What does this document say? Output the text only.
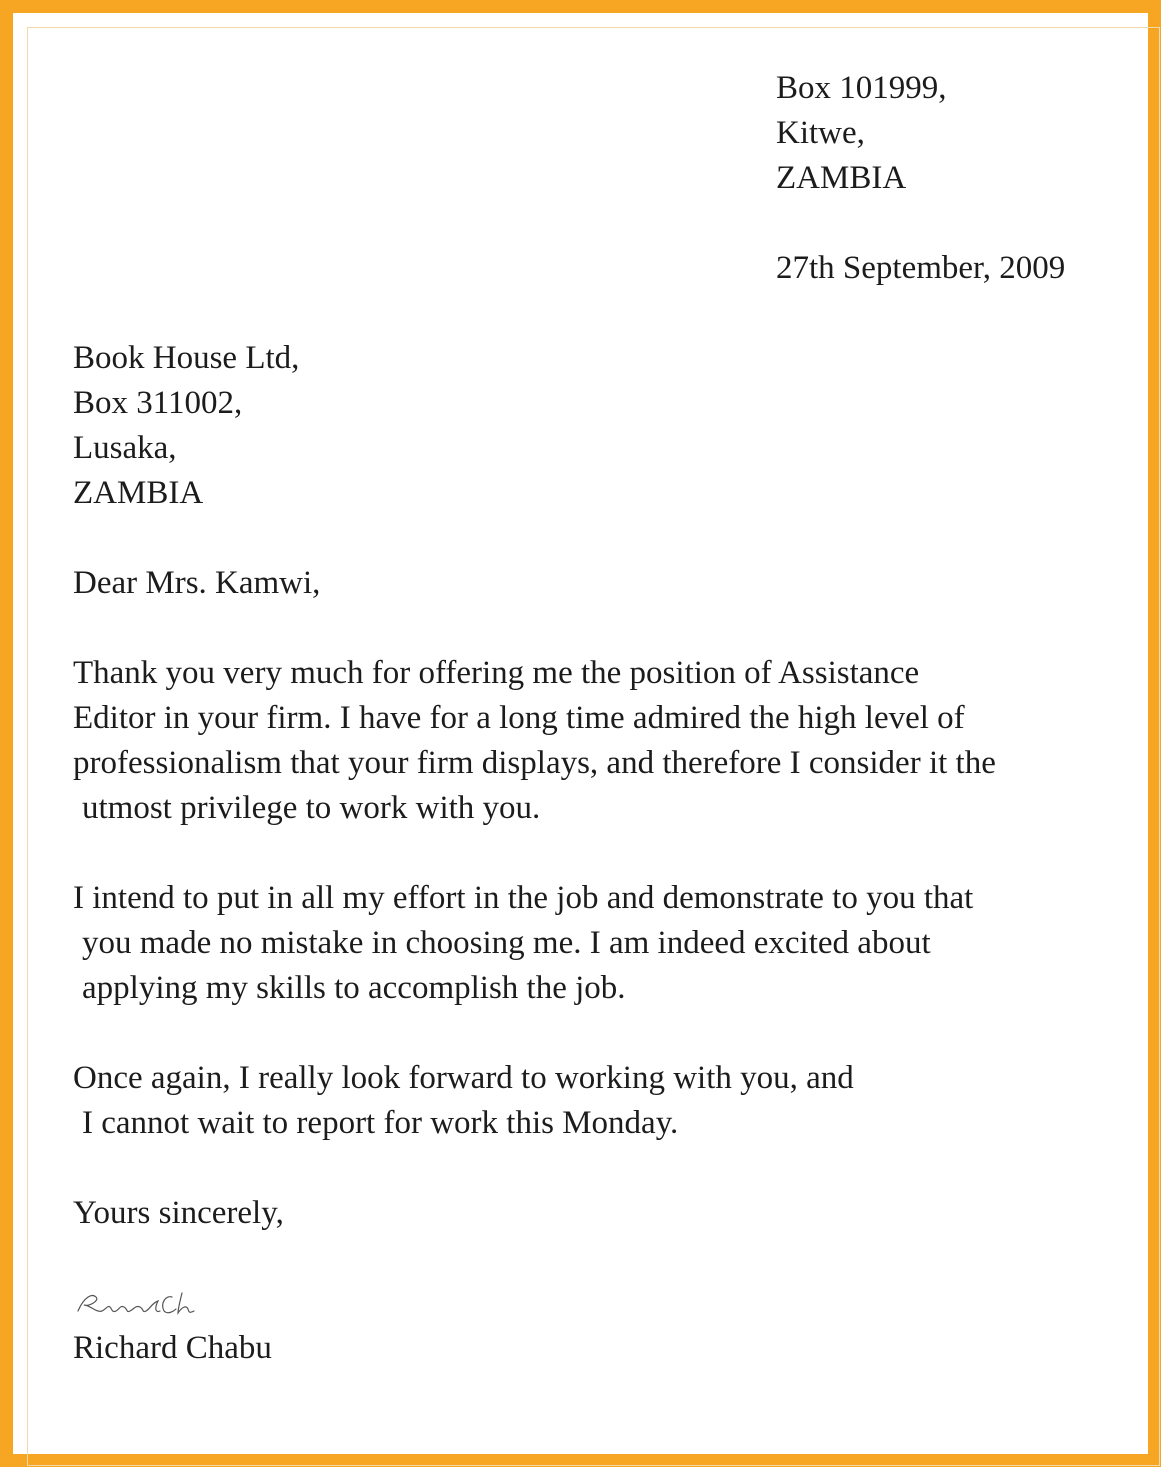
Box 101999,
Kitwe,
ZAMBIA
27th September, 2009
Book House Ltd,
Box 311002,
Lusaka,
ZAMBIA
Dear Mrs. Kamwi,
Thank you very much for offering me the position of Assistance
Editor in your firm. I have for a long time admired the high level of
professionalism that your firm displays, and therefore I consider it the
utmost privilege to work with you.
I intend to put in all my effort in the job and demonstrate to you that
you made no mistake in choosing me. I am indeed excited about
applying my skills to accomplish the job.
Once again, I really look forward to working with you, and
I cannot wait to report for work this Monday.
Yours sincerely,
Richard Chabu
